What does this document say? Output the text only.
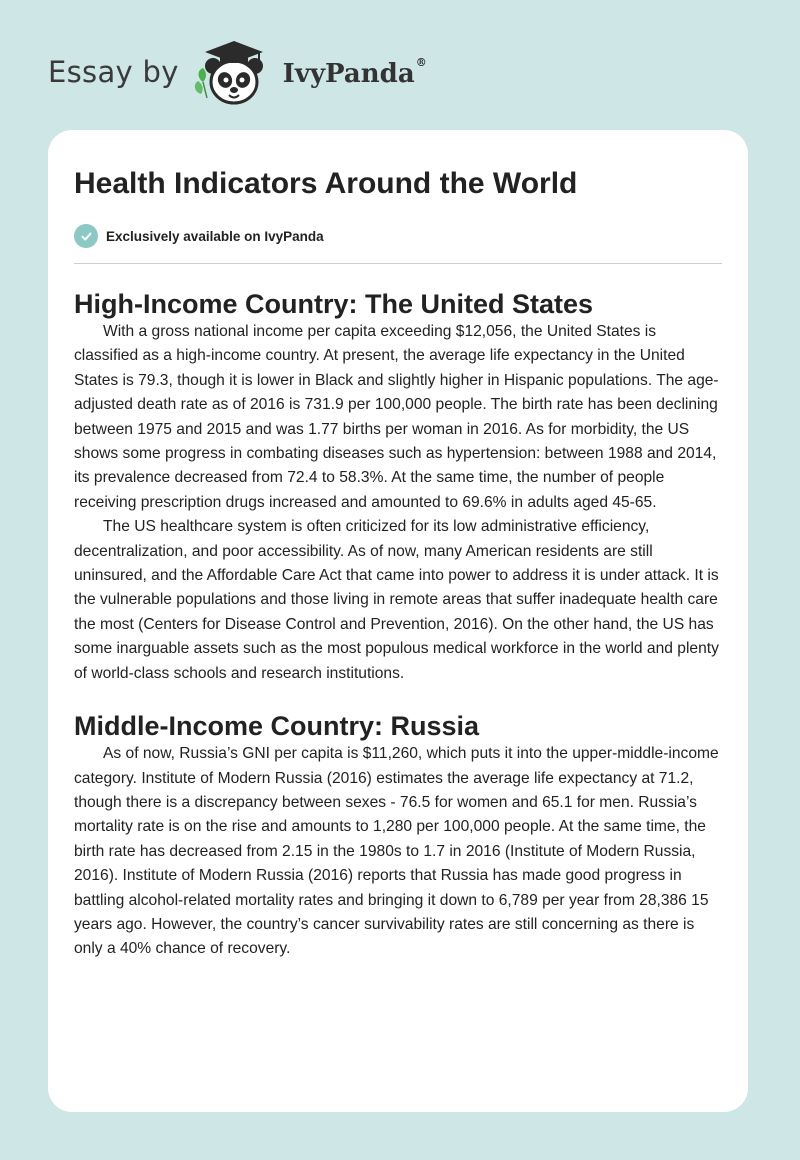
Essay by	IvyPanda®
Health Indicators Around the World
Exclusively available on IvyPanda
High-Income Country: The United States

With a gross national income per capita exceeding $12,056, the United States is classified as a high-income country. At present, the average life expectancy in the United States is 79.3, though it is lower in Black and slightly higher in Hispanic populations. The age-adjusted death rate as of 2016 is 731.9 per 100,000 people. The birth rate has been declining between 1975 and 2015 and was 1.77 births per woman in 2016. As for morbidity, the US shows some progress in combating diseases such as hypertension: between 1988 and 2014, its prevalence decreased from 72.4 to 58.3%. At the same time, the number of people receiving prescription drugs increased and amounted to 69.6% in adults aged 45-65.

The US healthcare system is often criticized for its low administrative efficiency, decentralization, and poor accessibility. As of now, many American residents are still uninsured, and the Affordable Care Act that came into power to address it is under attack. It is the vulnerable populations and those living in remote areas that suffer inadequate health care the most (Centers for Disease Control and Prevention, 2016). On the other hand, the US has some inarguable assets such as the most populous medical workforce in the world and plenty of world-class schools and research institutions.

Middle-Income Country: Russia

As of now, Russia’s GNI per capita is $11,260, which puts it into the upper-middle-income category. Institute of Modern Russia (2016) estimates the average life expectancy at 71.2, though there is a discrepancy between sexes - 76.5 for women and 65.1 for men. Russia’s mortality rate is on the rise and amounts to 1,280 per 100,000 people. At the same time, the birth rate has decreased from 2.15 in the 1980s to 1.7 in 2016 (Institute of Modern Russia, 2016). Institute of Modern Russia (2016) reports that Russia has made good progress in battling alcohol-related mortality rates and bringing it down to 6,789 per year from 28,386 15 years ago. However, the country’s cancer survivability rates are still concerning as there is only a 40% chance of recovery.
